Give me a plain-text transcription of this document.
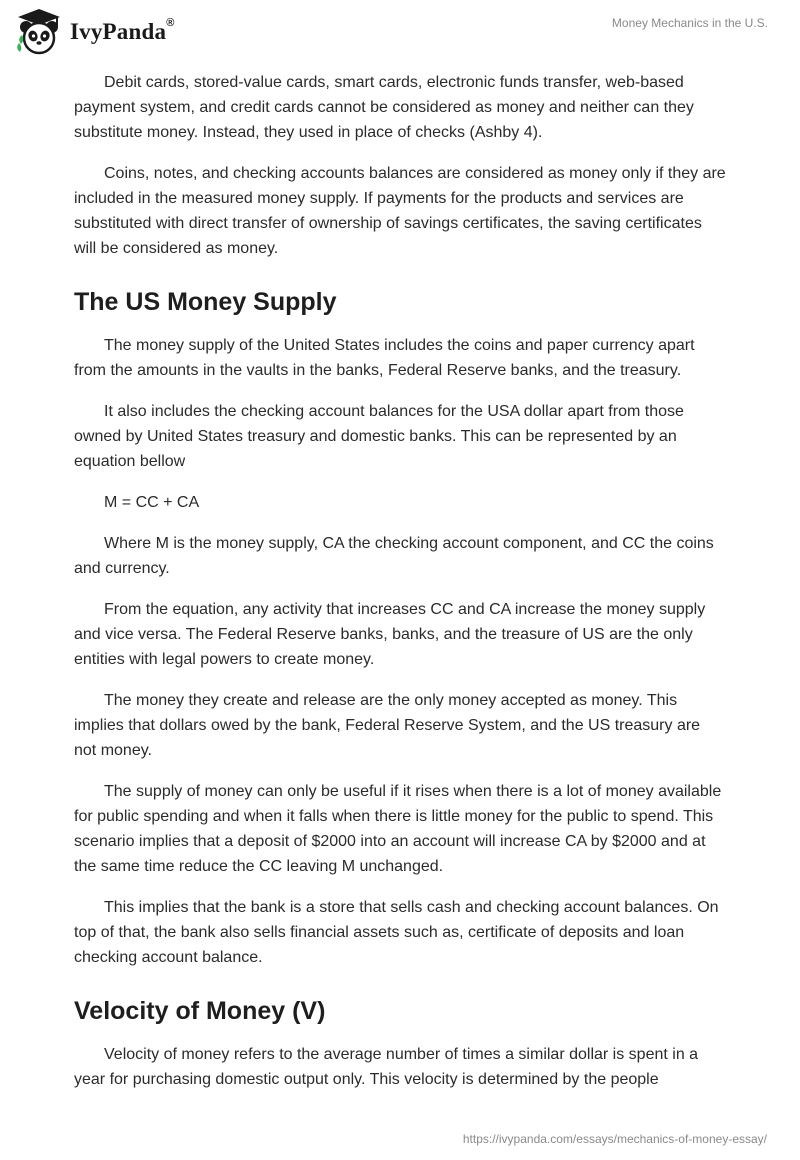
IvyPanda®	Money Mechanics in the U.S.

Debit cards, stored-value cards, smart cards, electronic funds transfer, web-based payment system, and credit cards cannot be considered as money and neither can they substitute money. Instead, they used in place of checks (Ashby 4).

Coins, notes, and checking accounts balances are considered as money only if they are included in the measured money supply. If payments for the products and services are substituted with direct transfer of ownership of savings certificates, the saving certificates will be considered as money.

The US Money Supply

The money supply of the United States includes the coins and paper currency apart from the amounts in the vaults in the banks, Federal Reserve banks, and the treasury.

It also includes the checking account balances for the USA dollar apart from those owned by United States treasury and domestic banks. This can be represented by an equation bellow

M = CC + CA

Where M is the money supply, CA the checking account component, and CC the coins and currency.

From the equation, any activity that increases CC and CA increase the money supply and vice versa. The Federal Reserve banks, banks, and the treasure of US are the only entities with legal powers to create money.

The money they create and release are the only money accepted as money. This implies that dollars owed by the bank, Federal Reserve System, and the US treasury are not money.

The supply of money can only be useful if it rises when there is a lot of money available for public spending and when it falls when there is little money for the public to spend. This scenario implies that a deposit of $2000 into an account will increase CA by $2000 and at the same time reduce the CC leaving M unchanged.

This implies that the bank is a store that sells cash and checking account balances. On top of that, the bank also sells financial assets such as, certificate of deposits and loan checking account balance.

Velocity of Money (V)

Velocity of money refers to the average number of times a similar dollar is spent in a year for purchasing domestic output only. This velocity is determined by the people

https://ivypanda.com/essays/mechanics-of-money-essay/
